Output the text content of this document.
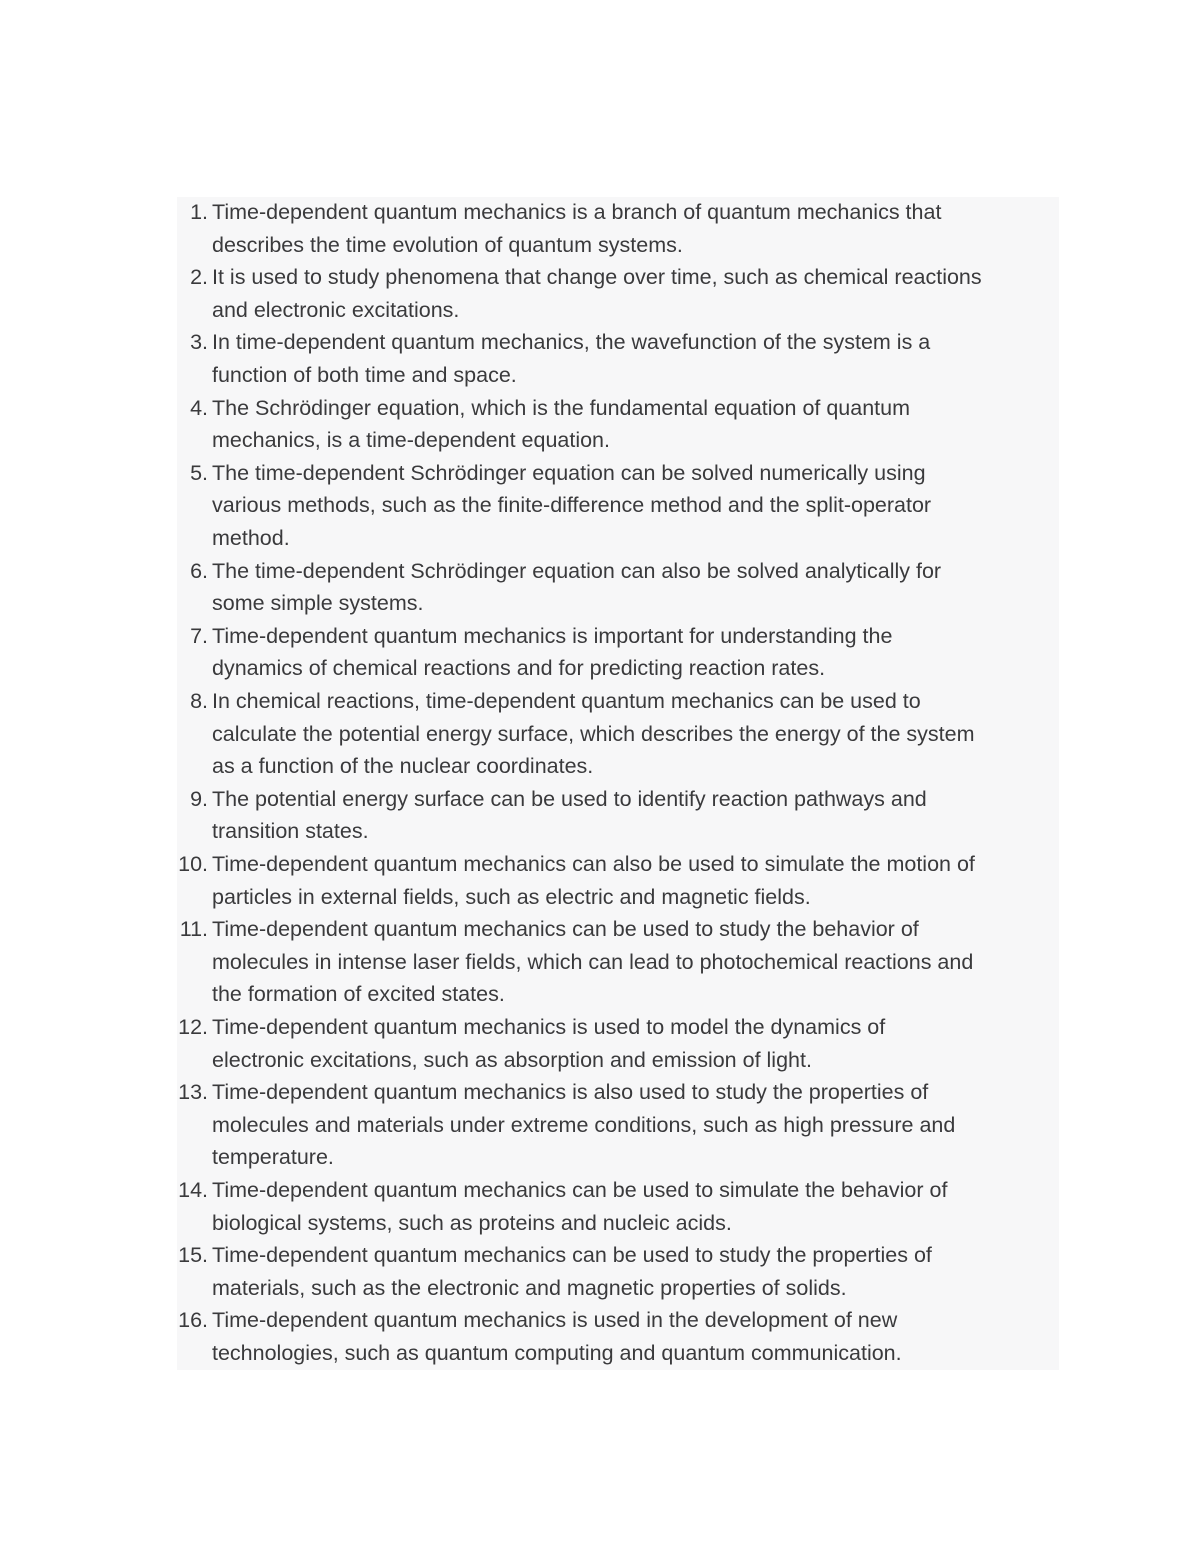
1. Time-dependent quantum mechanics is a branch of quantum mechanics that
describes the time evolution of quantum systems.
2. It is used to study phenomena that change over time, such as chemical reactions
and electronic excitations.
3. In time-dependent quantum mechanics, the wavefunction of the system is a
function of both time and space.
4. The Schrödinger equation, which is the fundamental equation of quantum
mechanics, is a time-dependent equation.
5. The time-dependent Schrödinger equation can be solved numerically using
various methods, such as the finite-difference method and the split-operator
method.
6. The time-dependent Schrödinger equation can also be solved analytically for
some simple systems.
7. Time-dependent quantum mechanics is important for understanding the
dynamics of chemical reactions and for predicting reaction rates.
8. In chemical reactions, time-dependent quantum mechanics can be used to
calculate the potential energy surface, which describes the energy of the system
as a function of the nuclear coordinates.
9. The potential energy surface can be used to identify reaction pathways and
transition states.
10. Time-dependent quantum mechanics can also be used to simulate the motion of
particles in external fields, such as electric and magnetic fields.
11. Time-dependent quantum mechanics can be used to study the behavior of
molecules in intense laser fields, which can lead to photochemical reactions and
the formation of excited states.
12. Time-dependent quantum mechanics is used to model the dynamics of
electronic excitations, such as absorption and emission of light.
13. Time-dependent quantum mechanics is also used to study the properties of
molecules and materials under extreme conditions, such as high pressure and
temperature.
14. Time-dependent quantum mechanics can be used to simulate the behavior of
biological systems, such as proteins and nucleic acids.
15. Time-dependent quantum mechanics can be used to study the properties of
materials, such as the electronic and magnetic properties of solids.
16. Time-dependent quantum mechanics is used in the development of new
technologies, such as quantum computing and quantum communication.
